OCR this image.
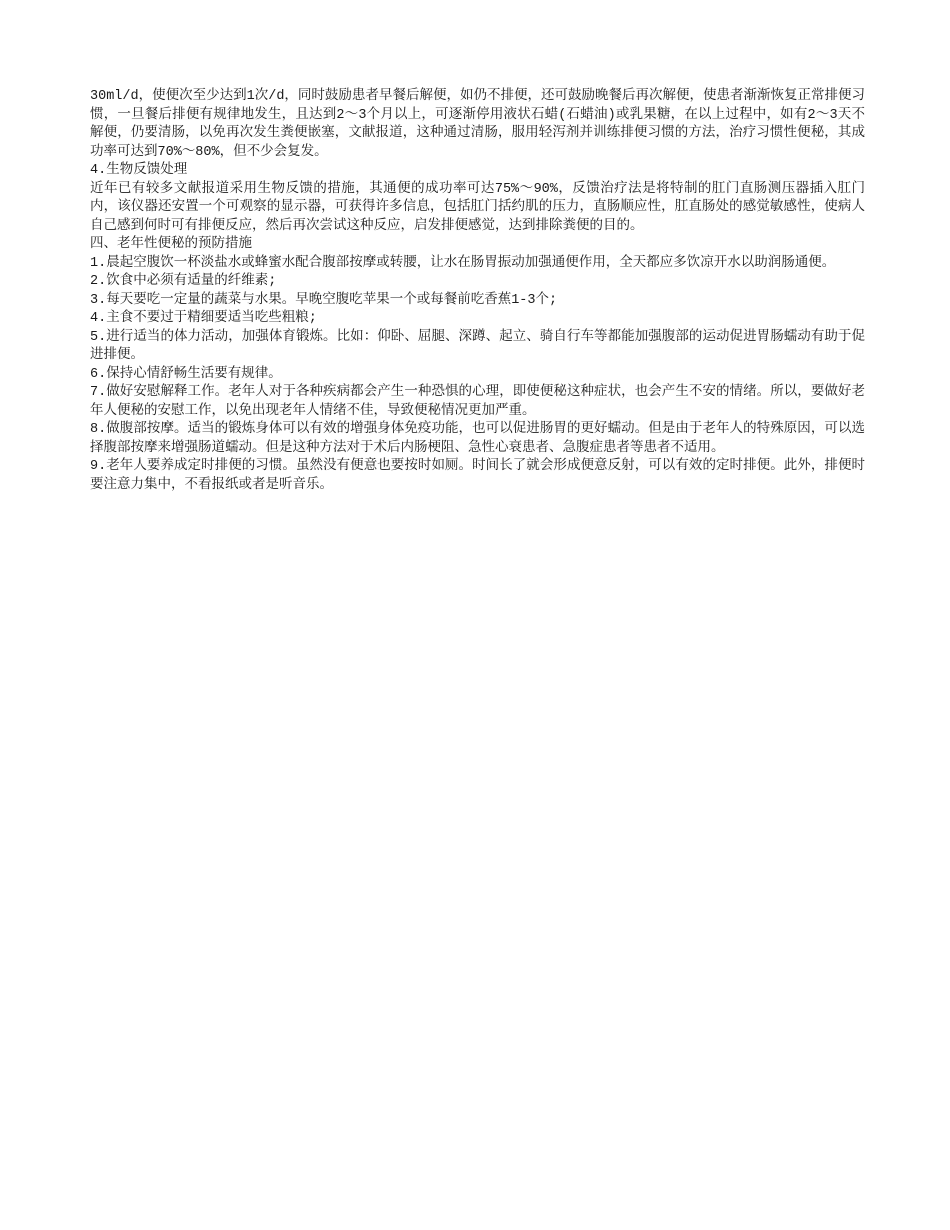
30ml/d，使便次至少达到1次/d，同时鼓励患者早餐后解便，如仍不排便，还可鼓励晚餐后再次解便，使患者渐渐恢复正常排便习惯，一旦餐后排便有规律地发生，且达到2～3个月以上，可逐渐停用液状石蜡(石蜡油)或乳果糖，在以上过程中，如有2～3天不解便，仍要清肠，以免再次发生粪便嵌塞，文献报道，这种通过清肠，服用轻泻剂并训练排便习惯的方法，治疗习惯性便秘，其成功率可达到70%～80%，但不少会复发。

4.生物反馈处理

近年已有较多文献报道采用生物反馈的措施，其通便的成功率可达75%～90%，反馈治疗法是将特制的肛门直肠测压器插入肛门内，该仪器还安置一个可观察的显示器，可获得许多信息，包括肛门括约肌的压力，直肠顺应性，肛直肠处的感觉敏感性，使病人自己感到何时可有排便反应，然后再次尝试这种反应，启发排便感觉，达到排除粪便的目的。

四、老年性便秘的预防措施

1.晨起空腹饮一杯淡盐水或蜂蜜水配合腹部按摩或转腰，让水在肠胃振动加强通便作用，全天都应多饮凉开水以助润肠通便。

2.饮食中必须有适量的纤维素;

3.每天要吃一定量的蔬菜与水果。早晚空腹吃苹果一个或每餐前吃香蕉1-3个;

4.主食不要过于精细要适当吃些粗粮;

5.进行适当的体力活动，加强体育锻炼。比如：仰卧、屈腿、深蹲、起立、骑自行车等都能加强腹部的运动促进胃肠蠕动有助于促进排便。

6.保持心情舒畅生活要有规律。

7.做好安慰解释工作。老年人对于各种疾病都会产生一种恐惧的心理，即使便秘这种症状，也会产生不安的情绪。所以，要做好老年人便秘的安慰工作，以免出现老年人情绪不佳，导致便秘情况更加严重。

8.做腹部按摩。适当的锻炼身体可以有效的增强身体免疫功能，也可以促进肠胃的更好蠕动。但是由于老年人的特殊原因，可以选择腹部按摩来增强肠道蠕动。但是这种方法对于术后内肠梗阻、急性心衰患者、急腹症患者等患者不适用。

9.老年人要养成定时排便的习惯。虽然没有便意也要按时如厕。时间长了就会形成便意反射，可以有效的定时排便。此外，排便时要注意力集中，不看报纸或者是听音乐。
